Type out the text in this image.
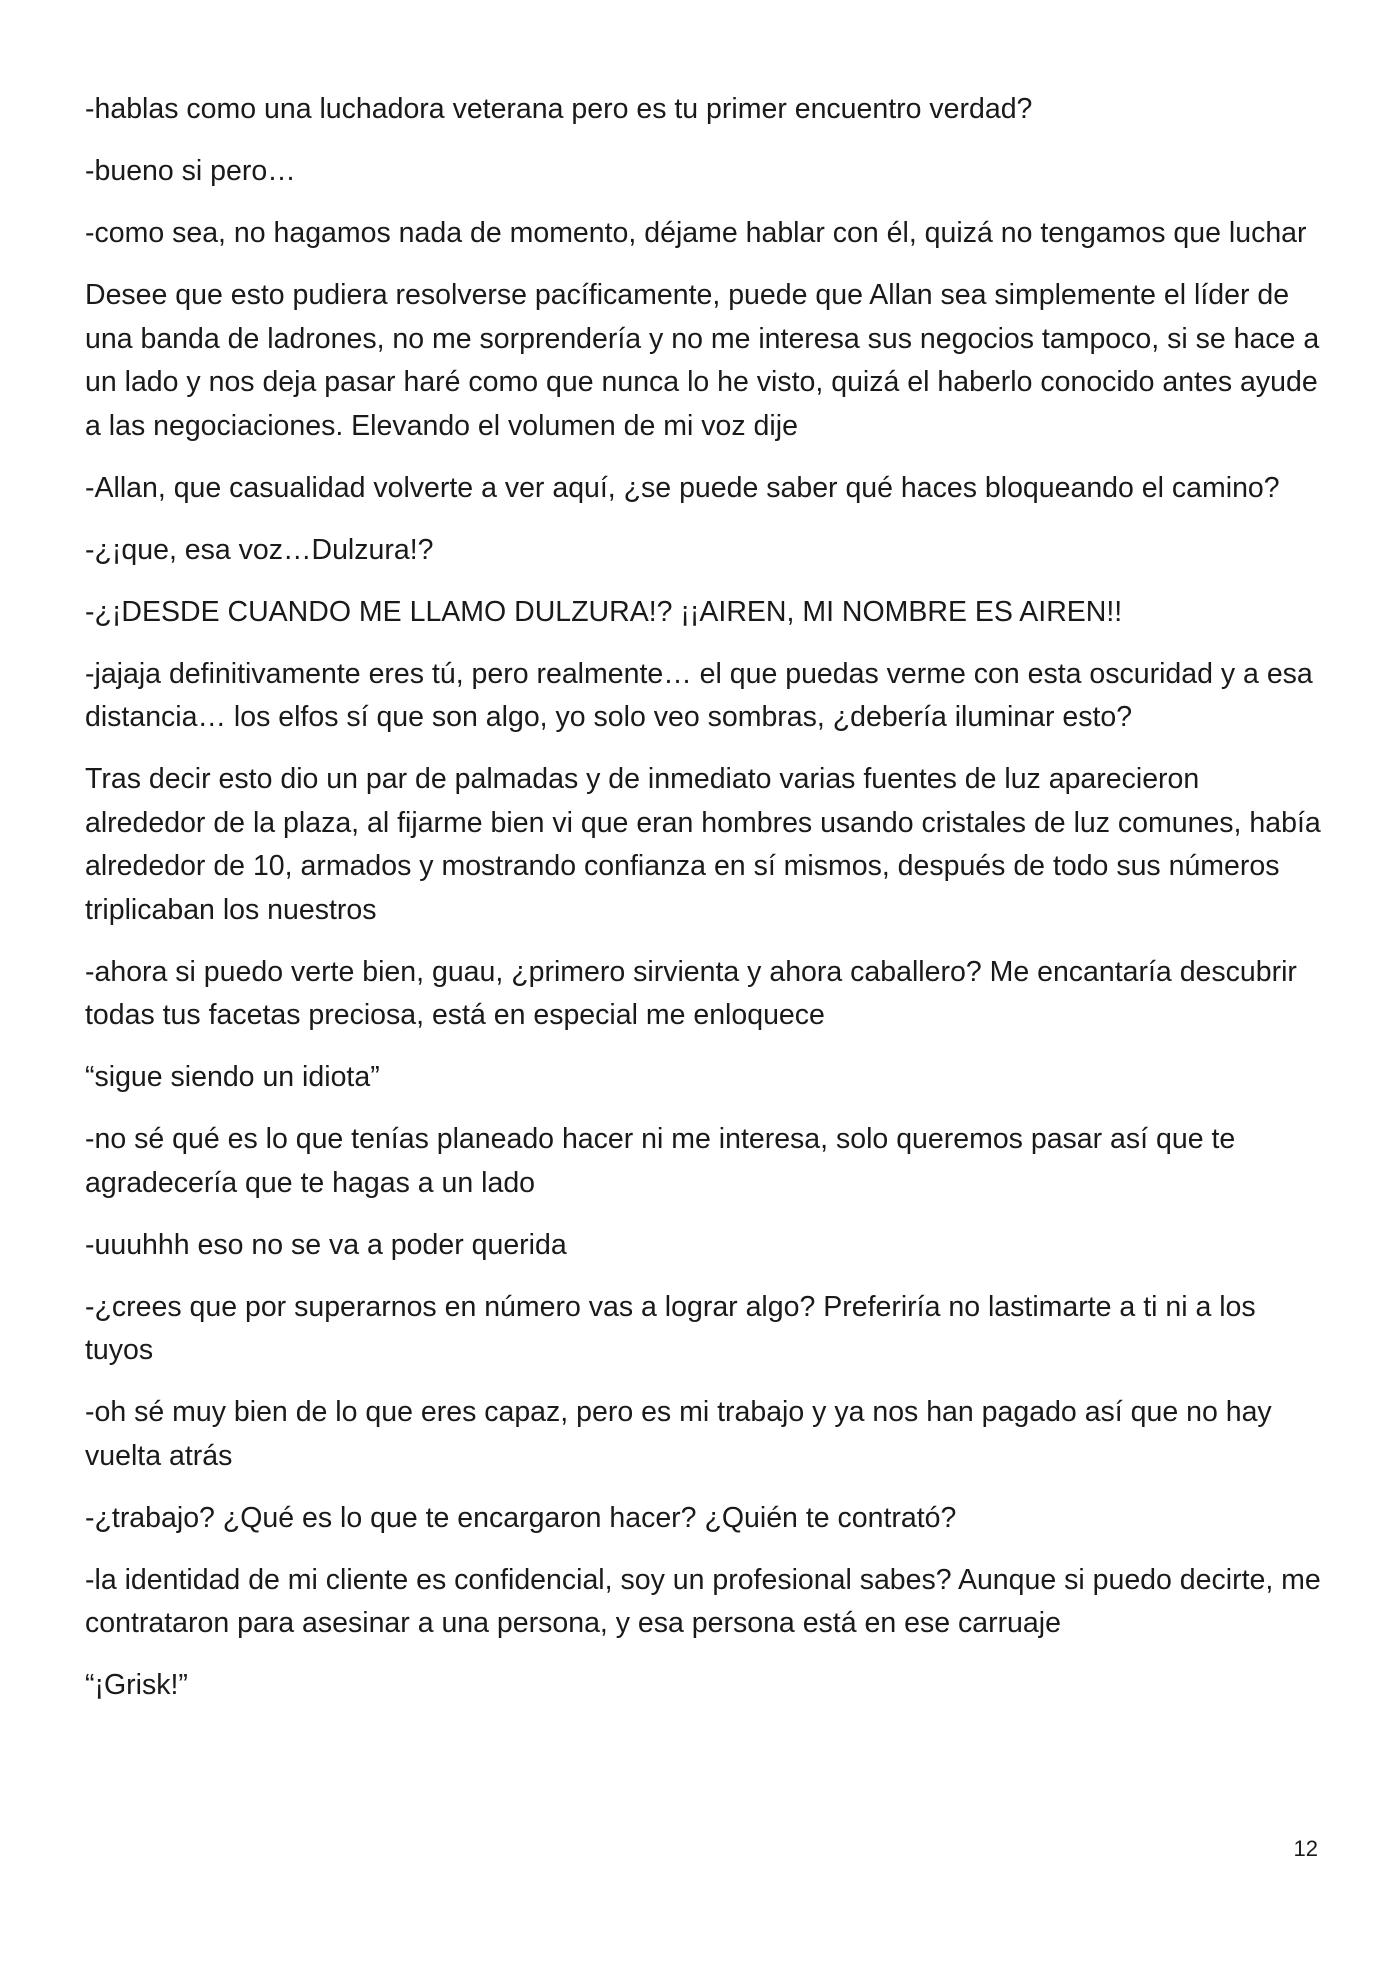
-hablas como una luchadora veterana pero es tu primer encuentro verdad?

-bueno si pero…

-como sea, no hagamos nada de momento, déjame hablar con él, quizá no tengamos que luchar

Desee que esto pudiera resolverse pacíficamente, puede que Allan sea simplemente el líder de una banda de ladrones, no me sorprendería y no me interesa sus negocios tampoco, si se hace a un lado y nos deja pasar haré como que nunca lo he visto, quizá el haberlo conocido antes ayude a las negociaciones. Elevando el volumen de mi voz dije

-Allan, que casualidad volverte a ver aquí, ¿se puede saber qué haces bloqueando el camino?

-¿¡que, esa voz…Dulzura!?

-¿¡DESDE CUANDO ME LLAMO DULZURA!? ¡¡AIREN, MI NOMBRE ES AIREN!!

-jajaja definitivamente eres tú, pero realmente… el que puedas verme con esta oscuridad y a esa distancia… los elfos sí que son algo, yo solo veo sombras, ¿debería iluminar esto?

Tras decir esto dio un par de palmadas y de inmediato varias fuentes de luz aparecieron alrededor de la plaza, al fijarme bien vi que eran hombres usando cristales de luz comunes, había alrededor de 10, armados y mostrando confianza en sí mismos, después de todo sus números triplicaban los nuestros

-ahora si puedo verte bien, guau, ¿primero sirvienta y ahora caballero? Me encantaría descubrir todas tus facetas preciosa, está en especial me enloquece

“sigue siendo un idiota”

-no sé qué es lo que tenías planeado hacer ni me interesa, solo queremos pasar así que te agradecería que te hagas a un lado

-uuuhhh eso no se va a poder querida

-¿crees que por superarnos en número vas a lograr algo? Preferiría no lastimarte a ti ni a los tuyos

-oh sé muy bien de lo que eres capaz, pero es mi trabajo y ya nos han pagado así que no hay vuelta atrás

-¿trabajo? ¿Qué es lo que te encargaron hacer? ¿Quién te contrató?

-la identidad de mi cliente es confidencial, soy un profesional sabes? Aunque si puedo decirte, me contrataron para asesinar a una persona, y esa persona está en ese carruaje

“¡Grisk!”

12
